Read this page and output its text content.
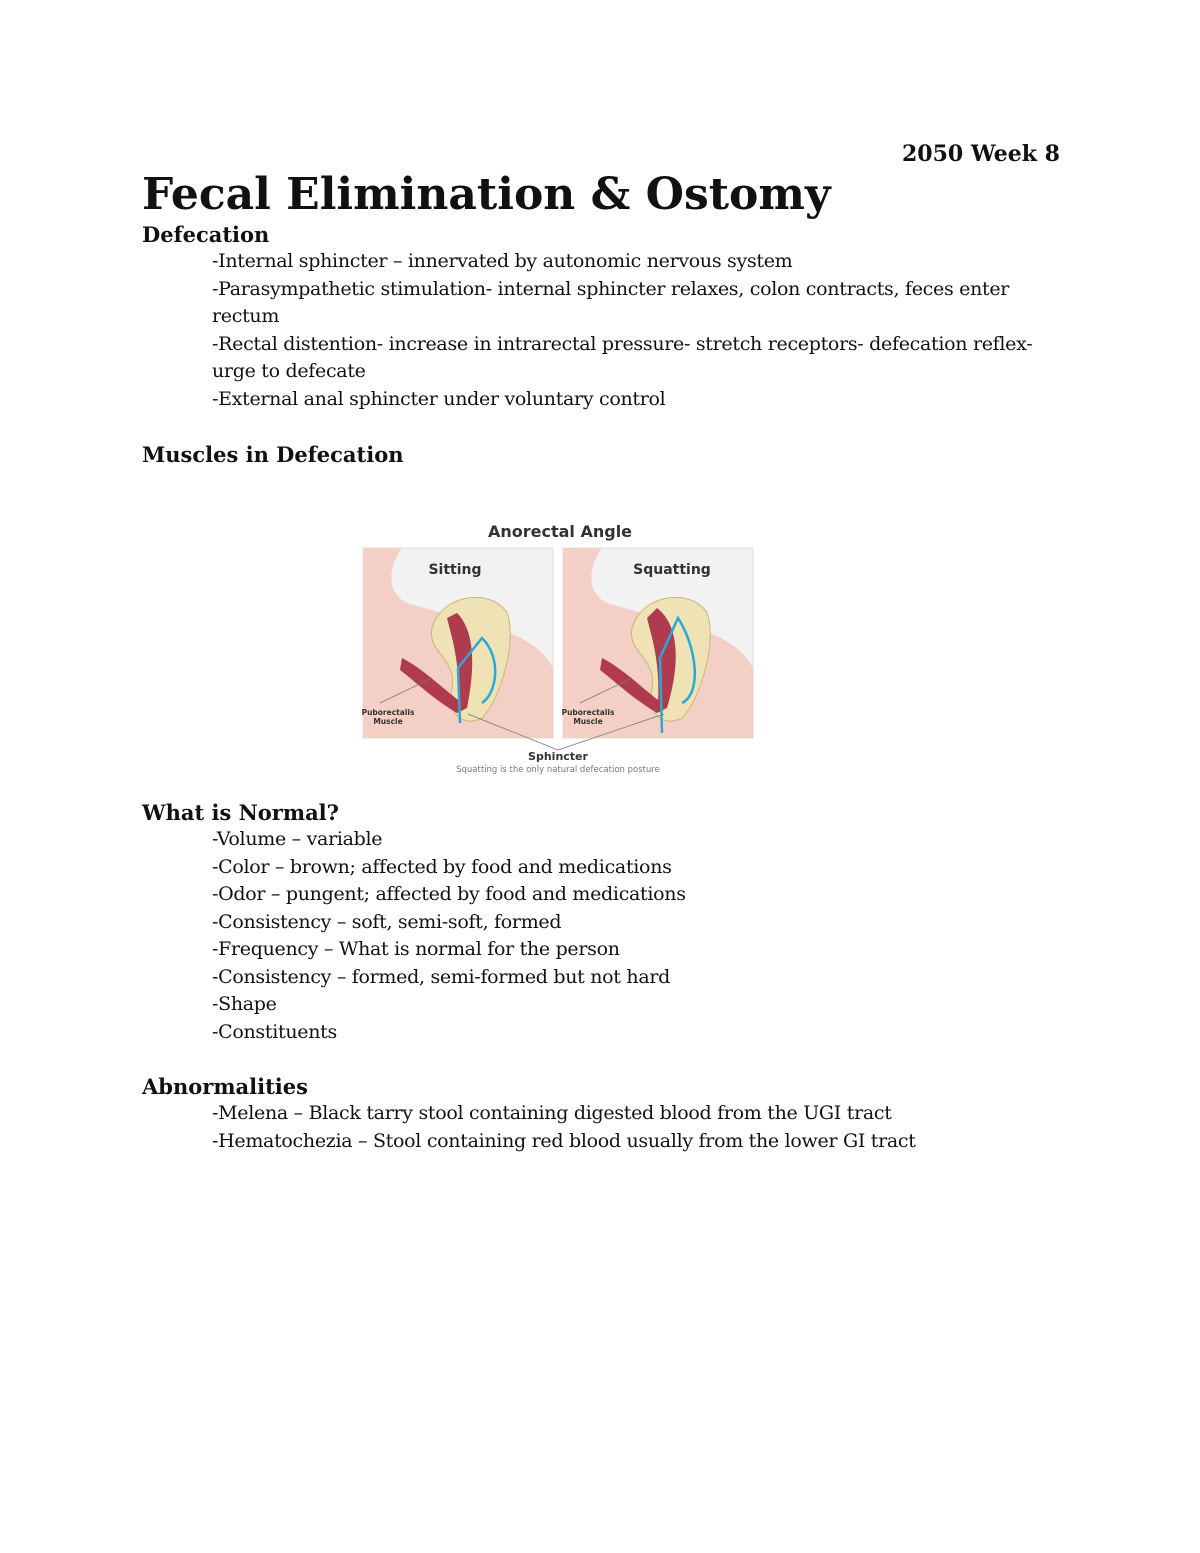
2050 Week 8
Fecal Elimination & Ostomy
Defecation
-Internal sphincter – innervated by autonomic nervous system
-Parasympathetic stimulation- internal sphincter relaxes, colon contracts, feces enter rectum
-Rectal distention- increase in intrarectal pressure- stretch receptors- defecation reflex- urge to defecate
-External anal sphincter under voluntary control
Muscles in Defecation
Anorectal Angle
Puborectalis
Muscle
Sitting
Puborectalis
Muscle
Squatting
Sphincter
Squatting is the only natural defecation posture
What is Normal?
-Volume – variable
-Color – brown; affected by food and medications
-Odor – pungent; affected by food and medications
-Consistency – soft, semi-soft, formed
-Frequency – What is normal for the person
-Consistency – formed, semi-formed but not hard
-Shape
-Constituents
Abnormalities
-Melena – Black tarry stool containing digested blood from the UGI tract
-Hematochezia – Stool containing red blood usually from the lower GI tract
